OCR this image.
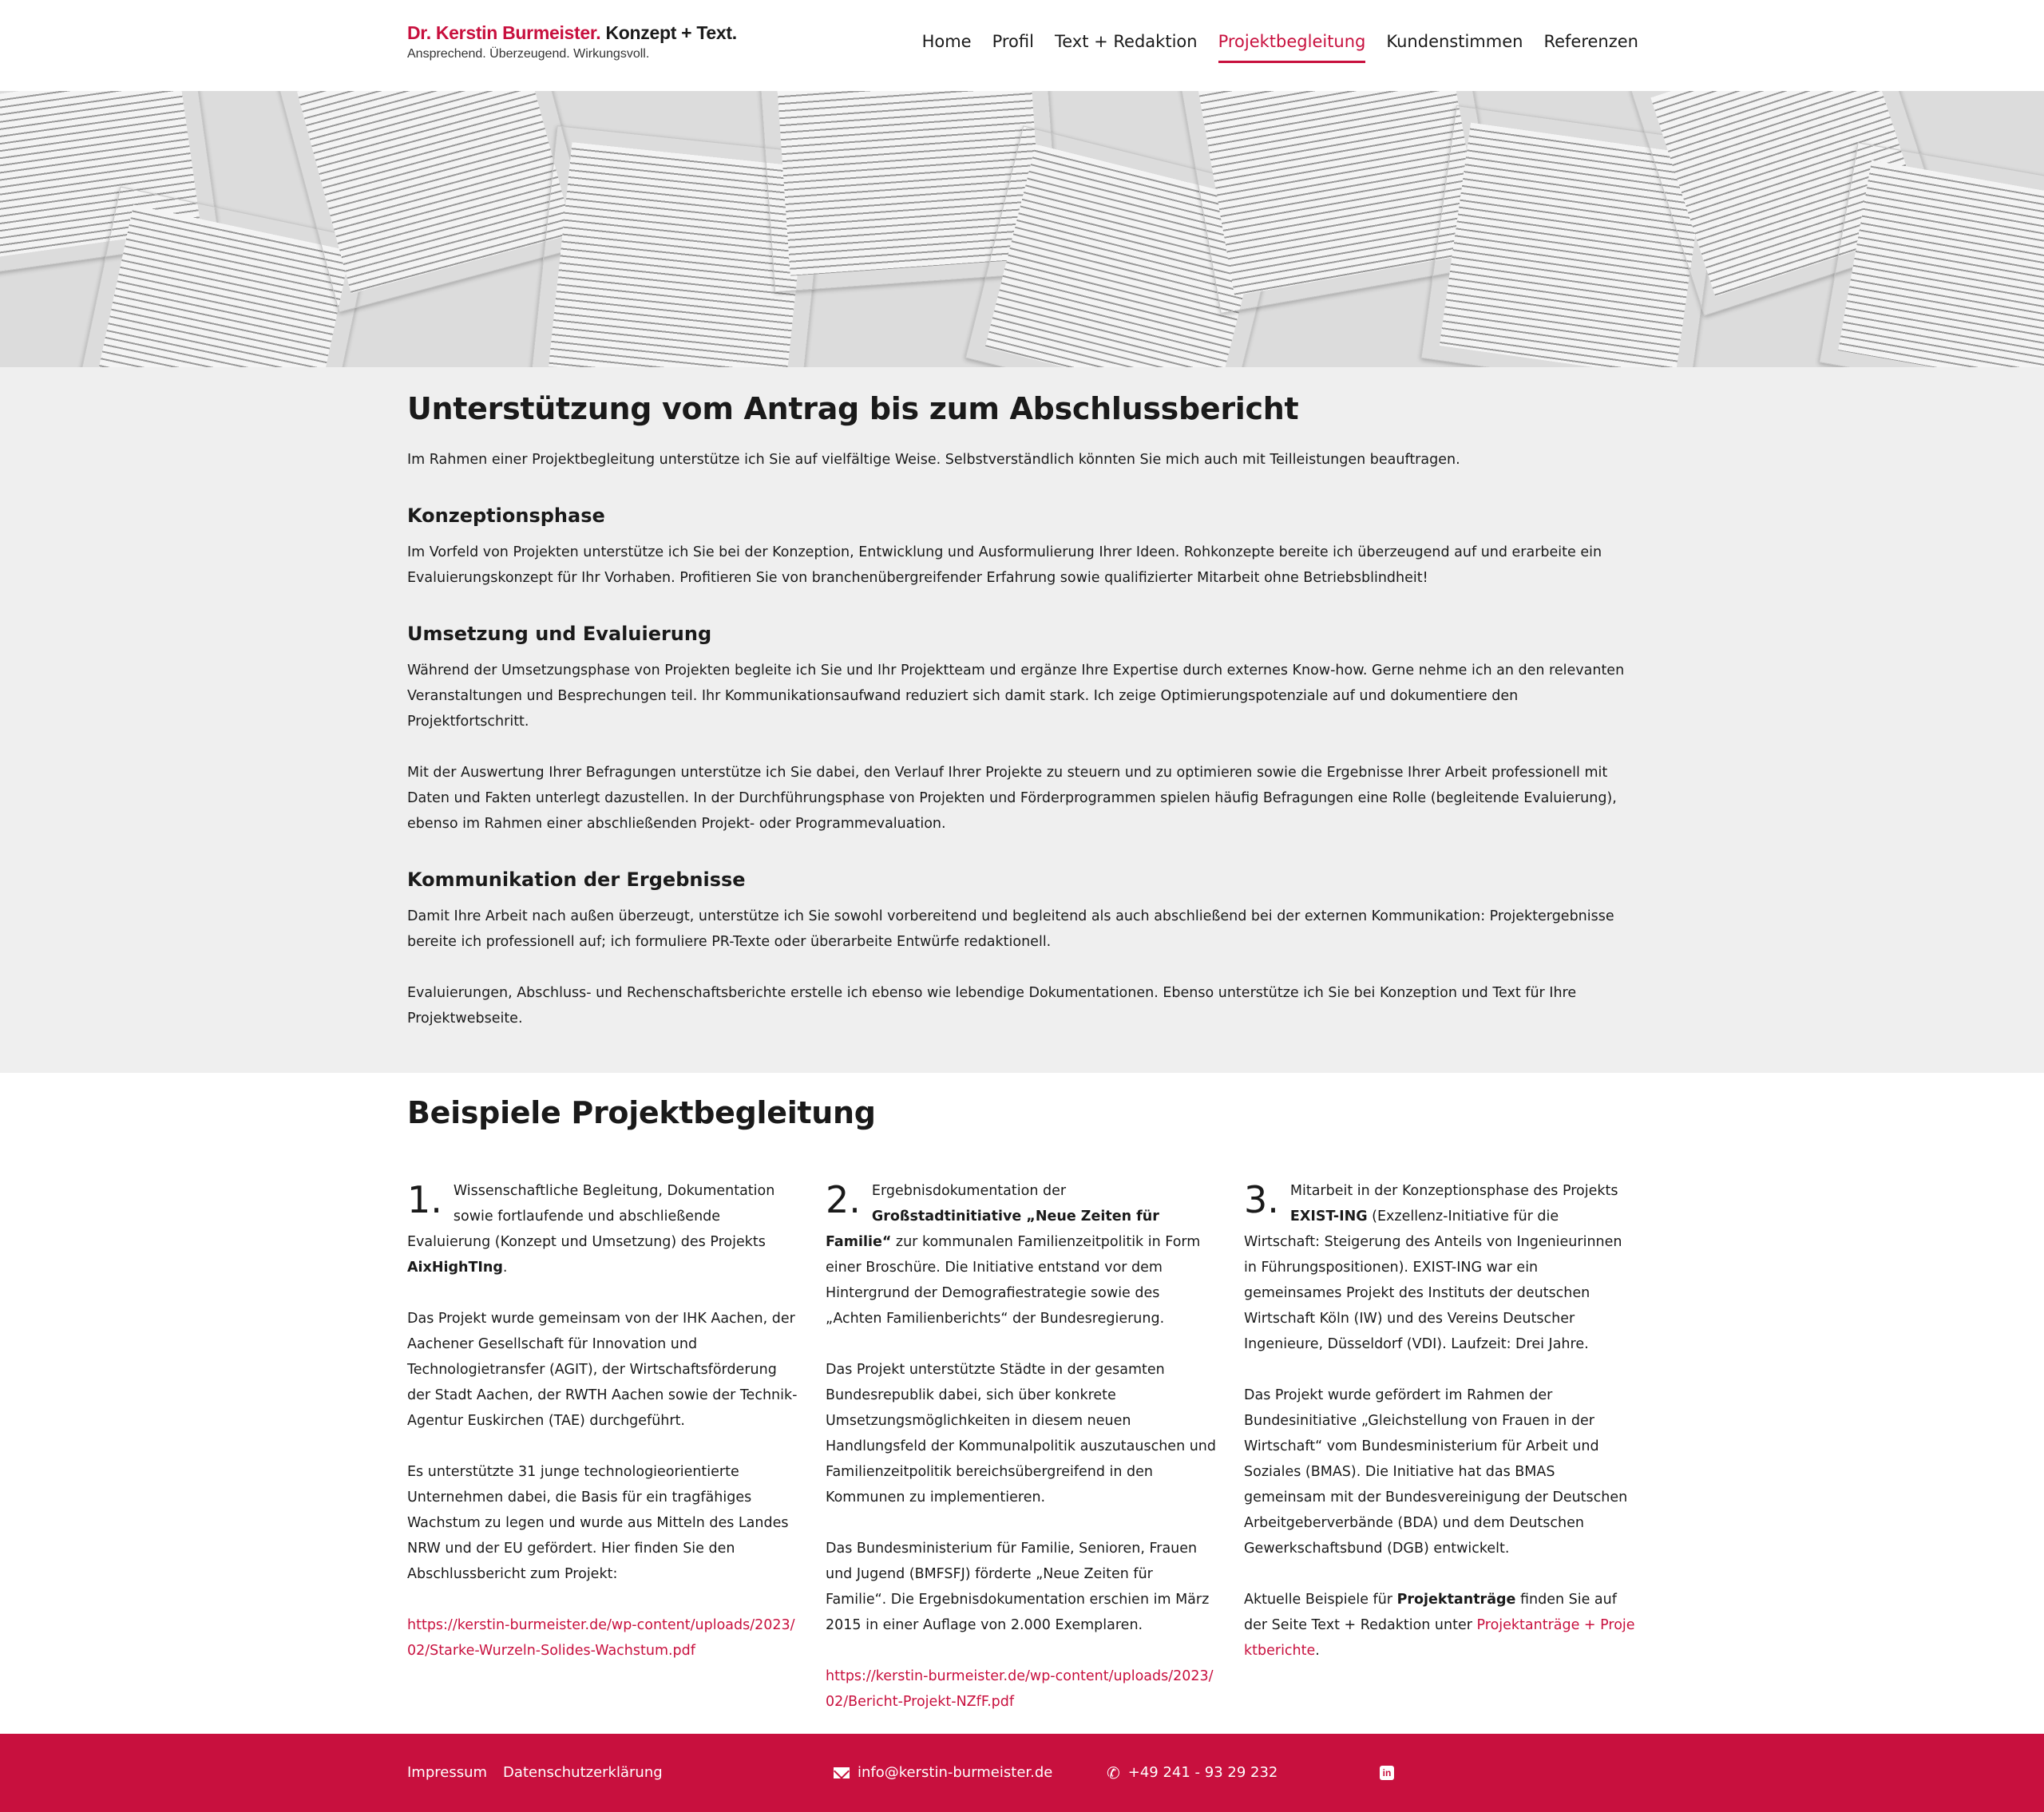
Dr. Kerstin Burmeister. Konzept + Text.
Ansprechend. Überzeugend. Wirkungsvoll.
Home Profil Text + Redaktion Projektbegleitung Kundenstimmen Referenzen
Unterstützung vom Antrag bis zum Abschlussbericht

Im Rahmen einer Projektbegleitung unterstütze ich Sie auf vielfältige Weise. Selbstverständlich könnten Sie mich auch mit Teilleistungen beauftragen.

Konzeptionsphase

Im Vorfeld von Projekten unterstütze ich Sie bei der Konzeption, Entwicklung und Ausformulierung Ihrer Ideen. Rohkonzepte bereite ich überzeugend auf und erarbeite ein Evaluierungskonzept für Ihr Vorhaben. Profitieren Sie von branchenübergreifender Erfahrung sowie qualifizierter Mitarbeit ohne Betriebsblindheit!

Umsetzung und Evaluierung

Während der Umsetzungsphase von Projekten begleite ich Sie und Ihr Projektteam und ergänze Ihre Expertise durch externes Know-how. Gerne nehme ich an den relevanten Veranstaltungen und Besprechungen teil. Ihr Kommunikationsaufwand reduziert sich damit stark. Ich zeige Optimierungspotenziale auf und dokumentiere den Projektfortschritt.

Mit der Auswertung Ihrer Befragungen unterstütze ich Sie dabei, den Verlauf Ihrer Projekte zu steuern und zu optimieren sowie die Ergebnisse Ihrer Arbeit professionell mit Daten und Fakten unterlegt dazustellen. In der Durchführungsphase von Projekten und Förderprogrammen spielen häufig Befragungen eine Rolle (begleitende Evaluierung), ebenso im Rahmen einer abschließenden Projekt- oder Programmevaluation.

Kommunikation der Ergebnisse

Damit Ihre Arbeit nach außen überzeugt, unterstütze ich Sie sowohl vorbereitend und begleitend als auch abschließend bei der externen Kommunikation: Projektergebnisse bereite ich professionell auf; ich formuliere PR-Texte oder überarbeite Entwürfe redaktionell.

Evaluierungen, Abschluss- und Rechenschaftsberichte erstelle ich ebenso wie lebendige Dokumentationen. Ebenso unterstütze ich Sie bei Konzeption und Text für Ihre Projektwebseite.

Beispiele Projektbegleitung

1. Wissenschaftliche Begleitung, Dokumentation sowie fortlaufende und abschließende Evaluierung (Konzept und Umsetzung) des Projekts AixHighTIng.

Das Projekt wurde gemeinsam von der IHK Aachen, der Aachener Gesellschaft für Innovation und Technologietransfer (AGIT), der Wirtschaftsförderung der Stadt Aachen, der RWTH Aachen sowie der Technik-Agentur Euskirchen (TAE) durchgeführt.

Es unterstützte 31 junge technologieorientierte Unternehmen dabei, die Basis für ein tragfähiges Wachstum zu legen und wurde aus Mitteln des Landes NRW und der EU gefördert. Hier finden Sie den Abschlussbericht zum Projekt:

https://kerstin-burmeister.de/wp-content/uploads/2023/02/Starke-Wurzeln-Solides-Wachstum.pdf

2. Ergebnisdokumentation der Großstadtinitiative „Neue Zeiten für Familie“ zur kommunalen Familienzeitpolitik in Form einer Broschüre. Die Initiative entstand vor dem Hintergrund der Demografiestrategie sowie des „Achten Familienberichts“ der Bundesregierung.

Das Projekt unterstützte Städte in der gesamten Bundesrepublik dabei, sich über konkrete Umsetzungsmöglichkeiten in diesem neuen Handlungsfeld der Kommunalpolitik auszutauschen und Familienzeitpolitik bereichsübergreifend in den Kommunen zu implementieren.

Das Bundesministerium für Familie, Senioren, Frauen und Jugend (BMFSFJ) förderte „Neue Zeiten für Familie“. Die Ergebnisdokumentation erschien im März 2015 in einer Auflage von 2.000 Exemplaren.

https://kerstin-burmeister.de/wp-content/uploads/2023/02/Bericht-Projekt-NZfF.pdf

3. Mitarbeit in der Konzeptionsphase des Projekts EXIST-ING (Exzellenz-Initiative für die Wirtschaft: Steigerung des Anteils von Ingenieurinnen in Führungspositionen). EXIST-ING war ein gemeinsames Projekt des Instituts der deutschen Wirtschaft Köln (IW) und des Vereins Deutscher Ingenieure, Düsseldorf (VDI). Laufzeit: Drei Jahre.

Das Projekt wurde gefördert im Rahmen der Bundesinitiative „Gleichstellung von Frauen in der Wirtschaft“ vom Bundesministerium für Arbeit und Soziales (BMAS). Die Initiative hat das BMAS gemeinsam mit der Bundesvereinigung der Deutschen Arbeitgeberverbände (BDA) und dem Deutschen Gewerkschaftsbund (DGB) entwickelt.

Aktuelle Beispiele für Projektanträge finden Sie auf der Seite Text + Redaktion unter Projektanträge + Projektberichte.

Impressum Datenschutzerklärung	info@kerstin-burmeister.de	✆ +49 241 - 93 29 232	in
